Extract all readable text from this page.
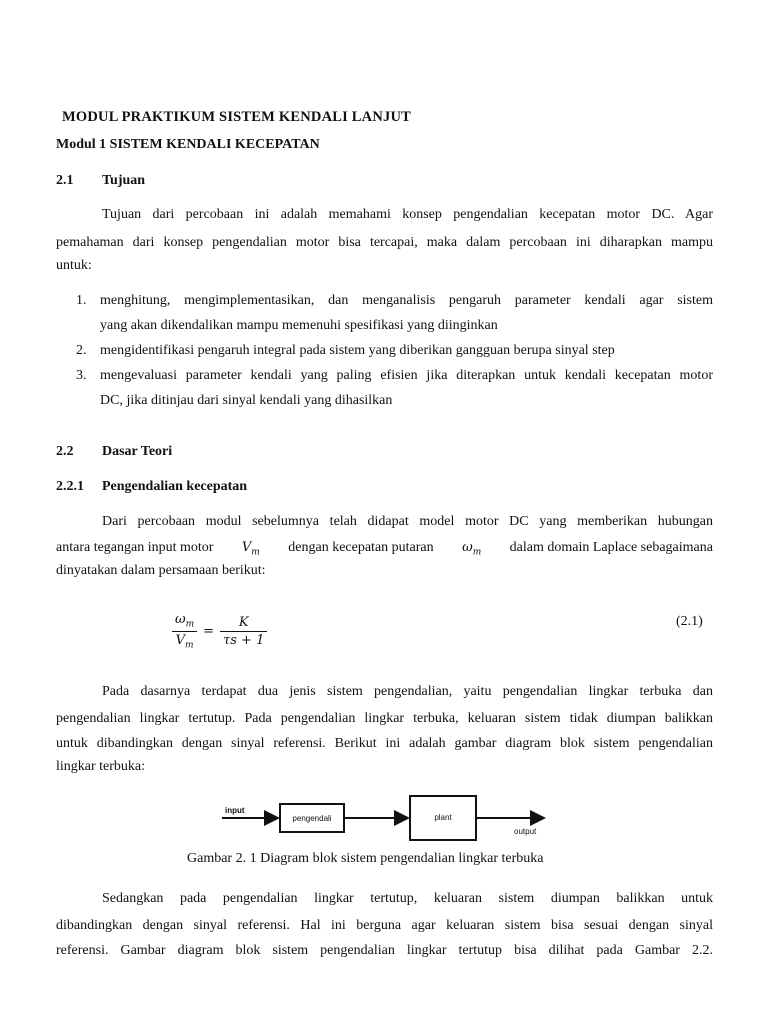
MODUL PRAKTIKUM SISTEM KENDALI LANJUT
Modul 1 SISTEM KENDALI KECEPATAN
2.1 Tujuan
Tujuan dari percobaan ini adalah memahami konsep pengendalian kecepatan motor DC. Agar
pemahaman dari konsep pengendalian motor bisa tercapai, maka dalam percobaan ini diharapkan mampu
untuk:
1. menghitung, mengimplementasikan, dan menganalisis pengaruh parameter kendali agar sistem
yang akan dikendalikan mampu memenuhi spesifikasi yang diinginkan
2. mengidentifikasi pengaruh integral pada sistem yang diberikan gangguan berupa sinyal step
3. mengevaluasi parameter kendali yang paling efisien jika diterapkan untuk kendali kecepatan motor
DC, jika ditinjau dari sinyal kendali yang dihasilkan
2.2 Dasar Teori
2.2.1 Pengendalian kecepatan
Dari percobaan modul sebelumnya telah didapat model motor DC yang memberikan hubungan
antara tegangan input motor $V_m$ dengan kecepatan putaran $\omega_m$ dalam domain Laplace sebagaimana
dinyatakan dalam persamaan berikut:
$\frac{\omega_m}{V_m} = \frac{K}{\tau s + 1}$	(2.1)
Pada dasarnya terdapat dua jenis sistem pengendalian, yaitu pengendalian lingkar terbuka dan
pengendalian lingkar tertutup. Pada pengendalian lingkar terbuka, keluaran sistem tidak diumpan balikkan
untuk dibandingkan dengan sinyal referensi. Berikut ini adalah gambar diagram blok sistem pengendalian
lingkar terbuka:
input
pengendali	plant
output
Gambar 2. 1 Diagram blok sistem pengendalian lingkar terbuka
Sedangkan pada pengendalian lingkar tertutup, keluaran sistem diumpan balikkan untuk
dibandingkan dengan sinyal referensi. Hal ini berguna agar keluaran sistem bisa sesuai dengan sinyal
referensi. Gambar diagram blok sistem pengendalian lingkar tertutup bisa dilihat pada Gambar 2.2.
